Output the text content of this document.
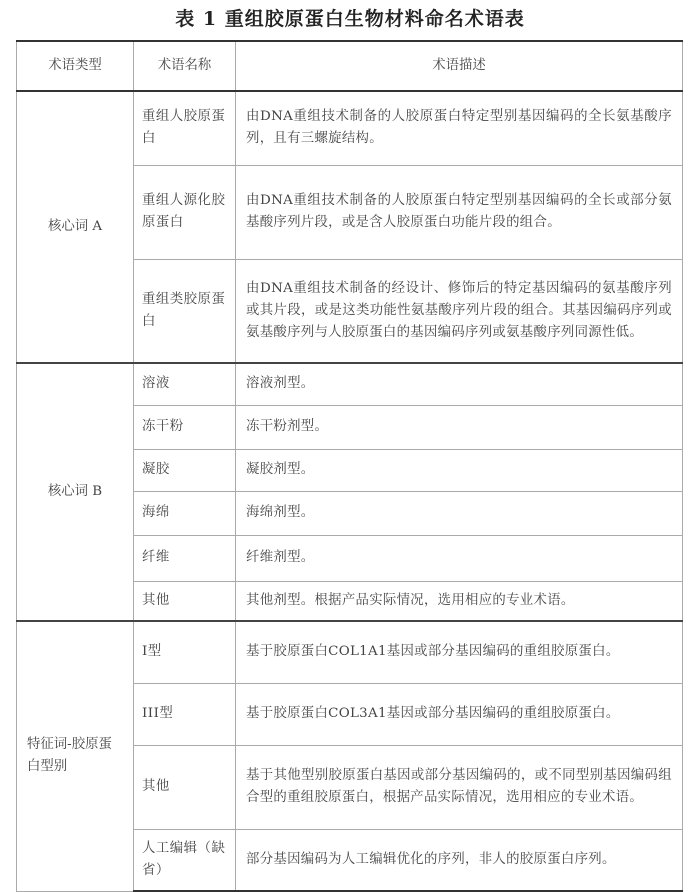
表 1 重组胶原蛋白生物材料命名术语表
术语类型	术语名称	术语描述
核心词 A	重组人胶原蛋白	由DNA重组技术制备的人胶原蛋白特定型别基因编码的全长氨基酸序列，且有三螺旋结构。
	重组人源化胶原蛋白	由DNA重组技术制备的人胶原蛋白特定型别基因编码的全长或部分氨基酸序列片段，或是含人胶原蛋白功能片段的组合。
	重组类胶原蛋白	由DNA重组技术制备的经设计、修饰后的特定基因编码的氨基酸序列或其片段，或是这类功能性氨基酸序列片段的组合。其基因编码序列或氨基酸序列与人胶原蛋白的基因编码序列或氨基酸序列同源性低。
核心词 B	溶液	溶液剂型。
	冻干粉	冻干粉剂型。
	凝胶	凝胶剂型。
	海绵	海绵剂型。
	纤维	纤维剂型。
	其他	其他剂型。根据产品实际情况，选用相应的专业术语。
特征词-胶原蛋白型别	I型	基于胶原蛋白COL1A1基因或部分基因编码的重组胶原蛋白。
	III型	基于胶原蛋白COL3A1基因或部分基因编码的重组胶原蛋白。
	其他	基于其他型别胶原蛋白基因或部分基因编码的，或不同型别基因编码组合型的重组胶原蛋白，根据产品实际情况，选用相应的专业术语。
	人工编辑（缺省）	部分基因编码为人工编辑优化的序列，非人的胶原蛋白序列。
